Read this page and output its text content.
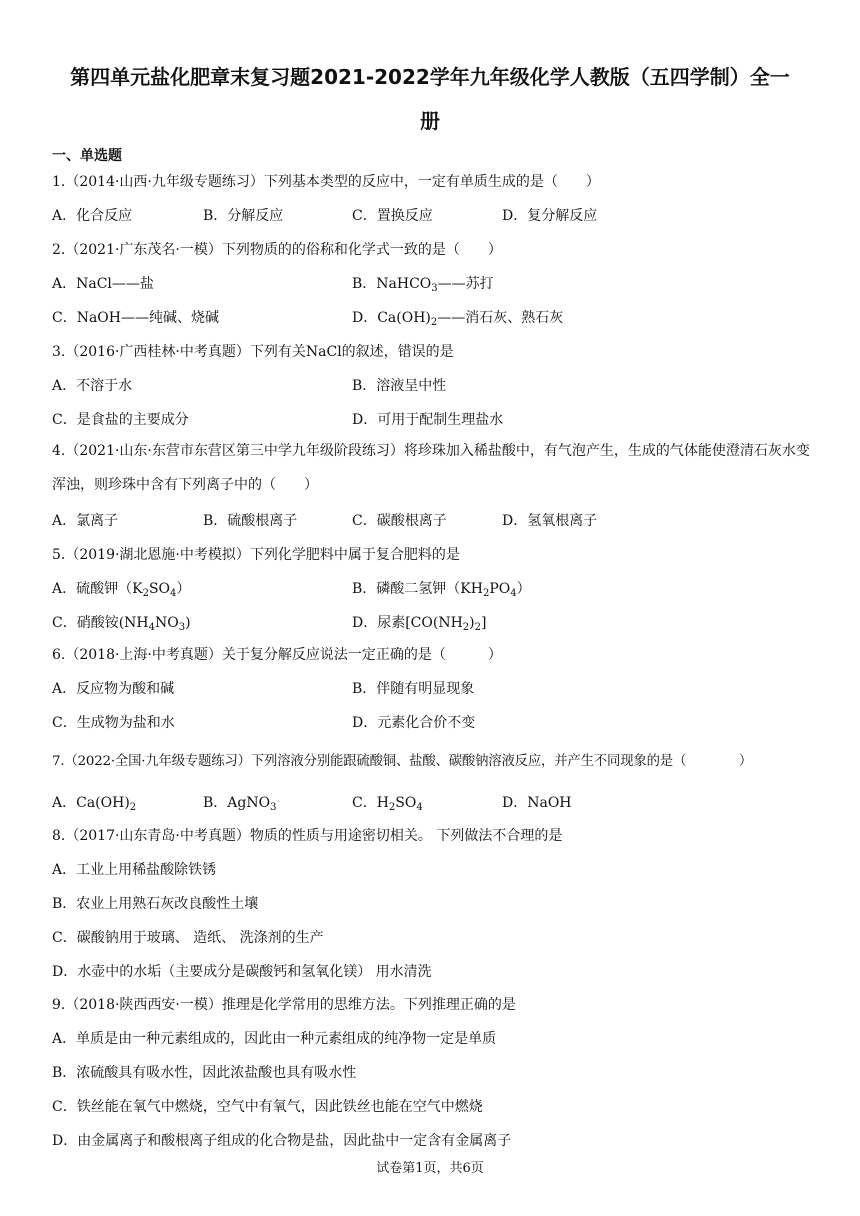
第四单元盐化肥章末复习题2021-2022学年九年级化学人教版（五四学制）全一
册
一、单选题
1.（2014·山西·九年级专题练习）下列基本类型的反应中，一定有单质生成的是（　　）
A．化合反应	B．分解反应	C．置换反应	D．复分解反应
2.（2021·广东茂名·一模）下列物质的的俗称和化学式一致的是（　　）
A．NaCl——盐	B．NaHCO$_3$——苏打
C．NaOH——纯碱、烧碱	D．$Ca(OH)_2——$消石灰、熟石灰
3.（2016·广西桂林·中考真题）下列有关NaCl的叙述，错误的是
A．不溶于水	B．溶液呈中性
C．是食盐的主要成分	D．可用于配制生理盐水
4.（2021·山东·东营市东营区第三中学九年级阶段练习）将珍珠加入稀盐酸中，有气泡产生，生成的气体能使澄清石灰水变浑浊，则珍珠中含有下列离子中的（　　）
A．氯离子	B．硫酸根离子	C．碳酸根离子	D．氢氧根离子
5.（2019·湖北恩施·中考模拟）下列化学肥料中属于复合肥料的是
A．硫酸钾$(K_2SO_4)$	B．磷酸二氢钾$(KH_2PO_4)$
C．硝酸铵$(NH_4NO_3)$	D．尿素$[CO(NH_2)_2]$
6.（2018·上海·中考真题）关于复分解反应说法一定正确的是（　　　）
A．反应物为酸和碱	B．伴随有明显现象
C．生成物为盐和水	D．元素化合价不变
7.（2022·全国·九年级专题练习）下列溶液分别能跟硫酸铜、盐酸、碳酸钠溶液反应，并产生不同现象的是（　　　　）
A．$Ca(OH)_2$	B．AgNO$_3$	C．$H_2SO_4$	D．NaOH
8.（2017·山东青岛·中考真题）物质的性质与用途密切相关。 下列做法不合理的是
A．工业上用稀盐酸除铁锈
B．农业上用熟石灰改良酸性土壤
C．碳酸钠用于玻璃、 造纸、 洗涤剂的生产
D．水壶中的水垢（主要成分是碳酸钙和氢氧化镁） 用水清洗
9.（2018·陕西西安·一模）推理是化学常用的思维方法。下列推理正确的是
A．单质是由一种元素组成的，因此由一种元素组成的纯净物一定是单质
B．浓硫酸具有吸水性，因此浓盐酸也具有吸水性
C．铁丝能在氧气中燃烧，空气中有氧气，因此铁丝也能在空气中燃烧
D．由金属离子和酸根离子组成的化合物是盐，因此盐中一定含有金属离子
试卷第1页，共6页
